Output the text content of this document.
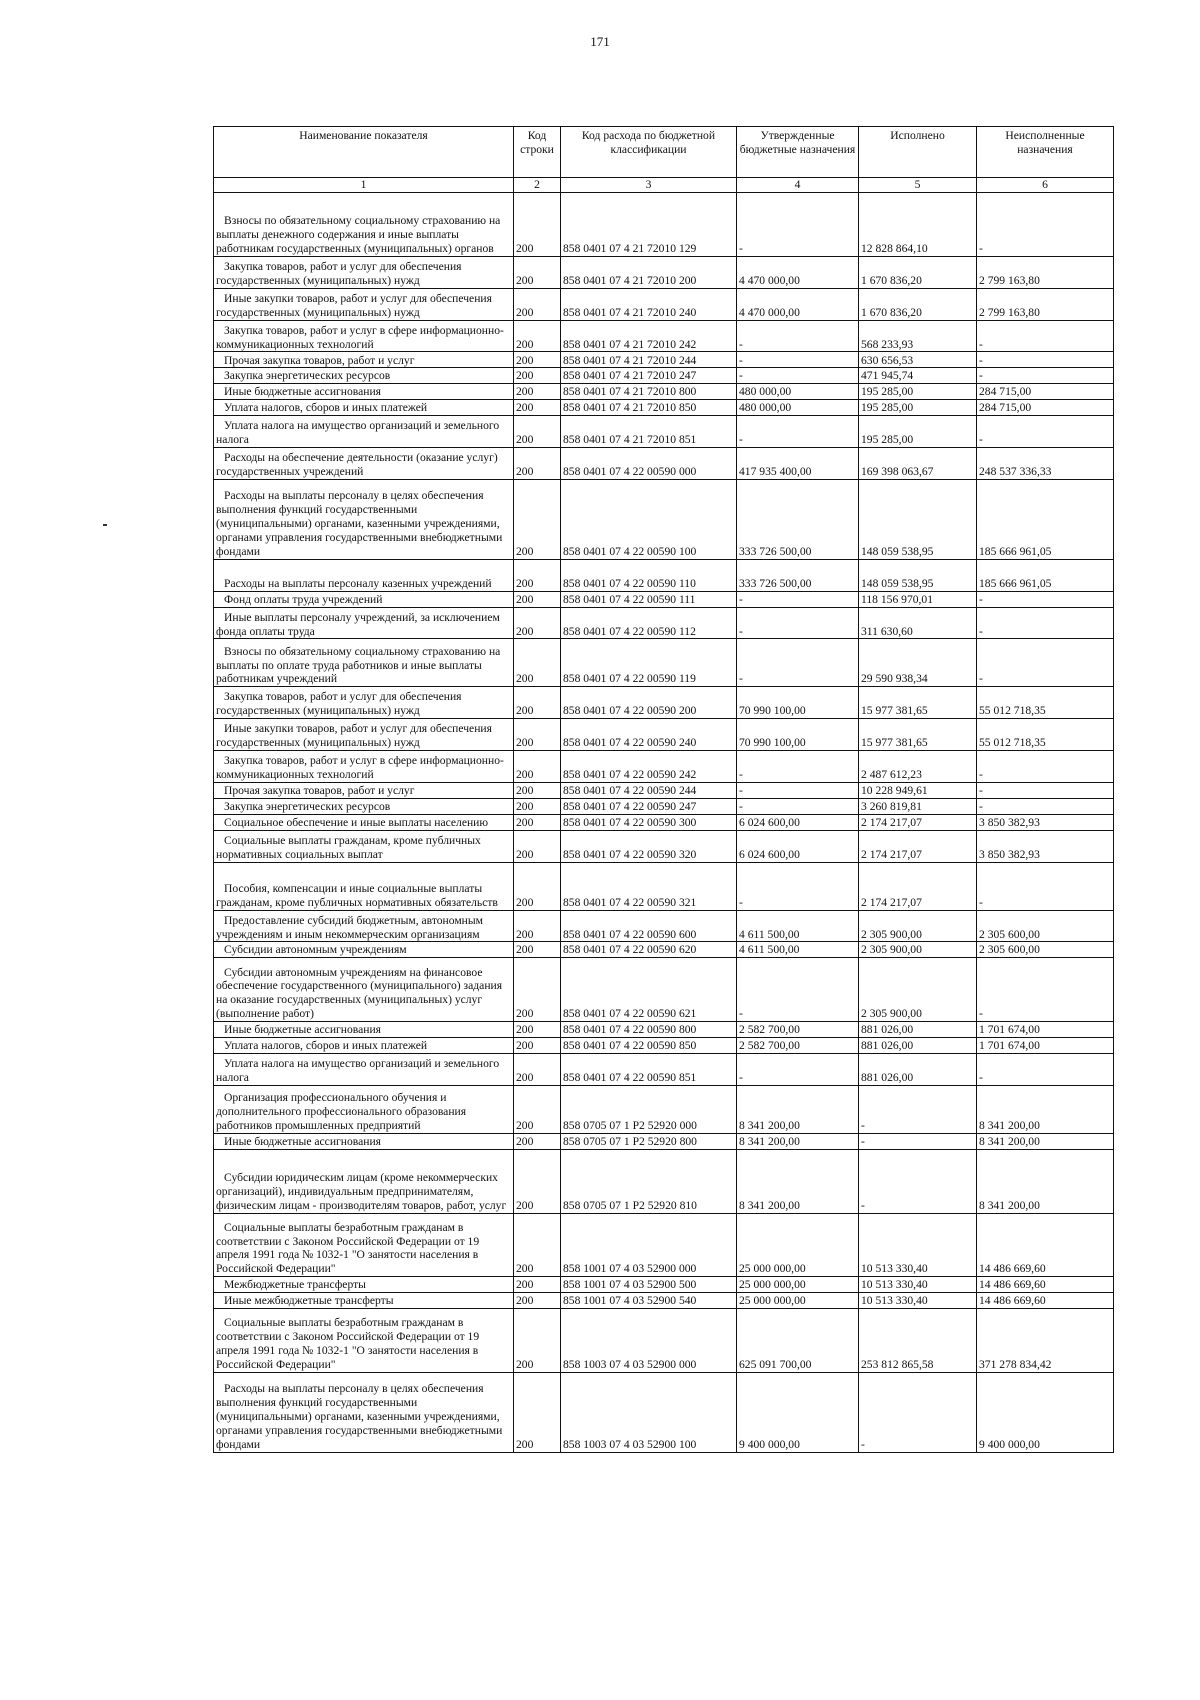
171
Наименование показателя	Код строки	Код расхода по бюджетной классификации	Утвержденные бюджетные назначения	Исполнено	Неисполненные назначения
1	2	3	4	5	6
Взносы по обязательному социальному страхованию на выплаты денежного содержания и иные выплаты работникам государственных (муниципальных) органов	200	858 0401 07 4 21 72010 129	-	12 828 864,10	-
Закупка товаров, работ и услуг для обеспечения государственных (муниципальных) нужд	200	858 0401 07 4 21 72010 200	4 470 000,00	1 670 836,20	2 799 163,80
Иные закупки товаров, работ и услуг для обеспечения государственных (муниципальных) нужд	200	858 0401 07 4 21 72010 240	4 470 000,00	1 670 836,20	2 799 163,80
Закупка товаров, работ и услуг в сфере информационно-коммуникационных технологий	200	858 0401 07 4 21 72010 242	-	568 233,93	-
Прочая закупка товаров, работ и услуг	200	858 0401 07 4 21 72010 244	-	630 656,53	-
Закупка энергетических ресурсов	200	858 0401 07 4 21 72010 247	-	471 945,74	-
Иные бюджетные ассигнования	200	858 0401 07 4 21 72010 800	480 000,00	195 285,00	284 715,00
Уплата налогов, сборов и иных платежей	200	858 0401 07 4 21 72010 850	480 000,00	195 285,00	284 715,00
Уплата налога на имущество организаций и земельного налога	200	858 0401 07 4 21 72010 851	-	195 285,00	-
Расходы на обеспечение деятельности (оказание услуг) государственных учреждений	200	858 0401 07 4 22 00590 000	417 935 400,00	169 398 063,67	248 537 336,33
Расходы на выплаты персоналу в целях обеспечения выполнения функций государственными (муниципальными) органами, казенными учреждениями, органами управления государственными внебюджетными фондами	200	858 0401 07 4 22 00590 100	333 726 500,00	148 059 538,95	185 666 961,05
Расходы на выплаты персоналу казенных учреждений	200	858 0401 07 4 22 00590 110	333 726 500,00	148 059 538,95	185 666 961,05
Фонд оплаты труда учреждений	200	858 0401 07 4 22 00590 111	-	118 156 970,01	-
Иные выплаты персоналу учреждений, за исключением фонда оплаты труда	200	858 0401 07 4 22 00590 112	-	311 630,60	-
Взносы по обязательному социальному страхованию на выплаты по оплате труда работников и иные выплаты работникам учреждений	200	858 0401 07 4 22 00590 119	-	29 590 938,34	-
Закупка товаров, работ и услуг для обеспечения государственных (муниципальных) нужд	200	858 0401 07 4 22 00590 200	70 990 100,00	15 977 381,65	55 012 718,35
Иные закупки товаров, работ и услуг для обеспечения государственных (муниципальных) нужд	200	858 0401 07 4 22 00590 240	70 990 100,00	15 977 381,65	55 012 718,35
Закупка товаров, работ и услуг в сфере информационно-коммуникационных технологий	200	858 0401 07 4 22 00590 242	-	2 487 612,23	-
Прочая закупка товаров, работ и услуг	200	858 0401 07 4 22 00590 244	-	10 228 949,61	-
Закупка энергетических ресурсов	200	858 0401 07 4 22 00590 247	-	3 260 819,81	-
Социальное обеспечение и иные выплаты населению	200	858 0401 07 4 22 00590 300	6 024 600,00	2 174 217,07	3 850 382,93
Социальные выплаты гражданам, кроме публичных нормативных социальных выплат	200	858 0401 07 4 22 00590 320	6 024 600,00	2 174 217,07	3 850 382,93
Пособия, компенсации и иные социальные выплаты гражданам, кроме публичных нормативных обязательств	200	858 0401 07 4 22 00590 321	-	2 174 217,07	-
Предоставление субсидий бюджетным, автономным учреждениям и иным некоммерческим организациям	200	858 0401 07 4 22 00590 600	4 611 500,00	2 305 900,00	2 305 600,00
Субсидии автономным учреждениям	200	858 0401 07 4 22 00590 620	4 611 500,00	2 305 900,00	2 305 600,00
Субсидии автономным учреждениям на финансовое обеспечение государственного (муниципального) задания на оказание государственных (муниципальных) услуг (выполнение работ)	200	858 0401 07 4 22 00590 621	-	2 305 900,00	-
Иные бюджетные ассигнования	200	858 0401 07 4 22 00590 800	2 582 700,00	881 026,00	1 701 674,00
Уплата налогов, сборов и иных платежей	200	858 0401 07 4 22 00590 850	2 582 700,00	881 026,00	1 701 674,00
Уплата налога на имущество организаций и земельного налога	200	858 0401 07 4 22 00590 851	-	881 026,00	-
Организация профессионального обучения и дополнительного профессионального образования работников промышленных предприятий	200	858 0705 07 1 P2 52920 000	8 341 200,00	-	8 341 200,00
Иные бюджетные ассигнования	200	858 0705 07 1 P2 52920 800	8 341 200,00	-	8 341 200,00
Субсидии юридическим лицам (кроме некоммерческих организаций), индивидуальным предпринимателям, физическим лицам - производителям товаров, работ, услуг	200	858 0705 07 1 P2 52920 810	8 341 200,00	-	8 341 200,00
Социальные выплаты безработным гражданам в соответствии с Законом Российской Федерации от 19 апреля 1991 года № 1032-1 "О занятости населения в Российской Федерации"	200	858 1001 07 4 03 52900 000	25 000 000,00	10 513 330,40	14 486 669,60
Межбюджетные трансферты	200	858 1001 07 4 03 52900 500	25 000 000,00	10 513 330,40	14 486 669,60
Иные межбюджетные трансферты	200	858 1001 07 4 03 52900 540	25 000 000,00	10 513 330,40	14 486 669,60
Социальные выплаты безработным гражданам в соответствии с Законом Российской Федерации от 19 апреля 1991 года № 1032-1 "О занятости населения в Российской Федерации"	200	858 1003 07 4 03 52900 000	625 091 700,00	253 812 865,58	371 278 834,42
Расходы на выплаты персоналу в целях обеспечения выполнения функций государственными (муниципальными) органами, казенными учреждениями, органами управления государственными внебюджетными фондами	200	858 1003 07 4 03 52900 100	9 400 000,00	-	9 400 000,00
